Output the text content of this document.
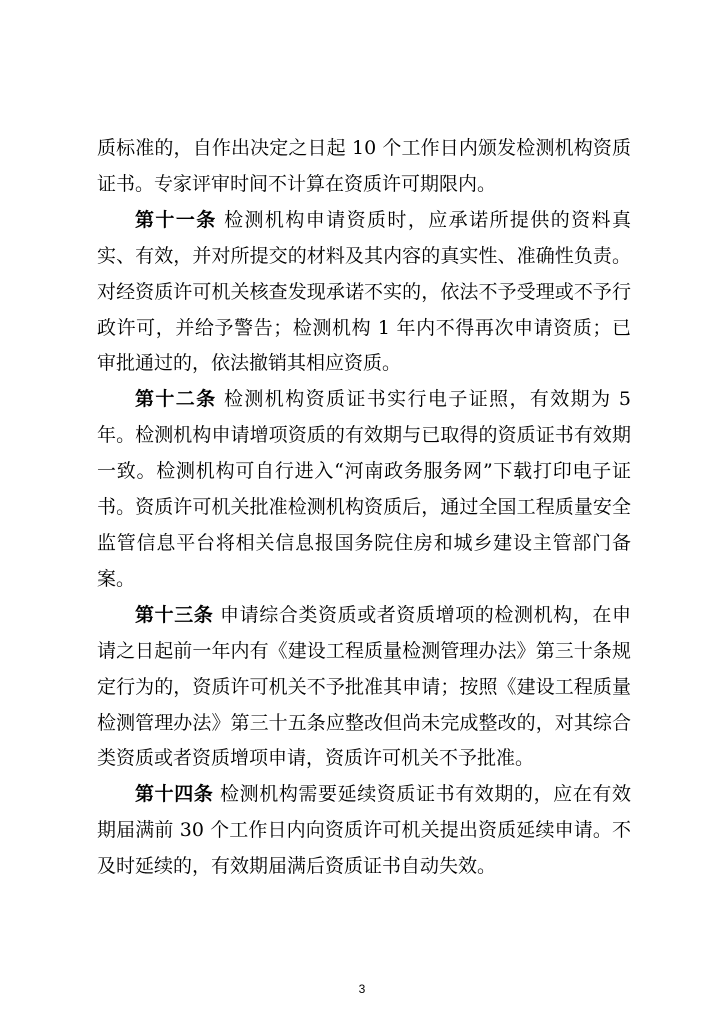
质标准的，自作出决定之日起 10 个工作日内颁发检测机构资质证书。专家评审时间不计算在资质许可期限内。

第十一条 检测机构申请资质时，应承诺所提供的资料真实、有效，并对所提交的材料及其内容的真实性、准确性负责。对经资质许可机关核查发现承诺不实的，依法不予受理或不予行政许可，并给予警告；检测机构 1 年内不得再次申请资质；已审批通过的，依法撤销其相应资质。

第十二条 检测机构资质证书实行电子证照，有效期为 5 年。检测机构申请增项资质的有效期与已取得的资质证书有效期一致。检测机构可自行进入“河南政务服务网”下载打印电子证书。资质许可机关批准检测机构资质后，通过全国工程质量安全监管信息平台将相关信息报国务院住房和城乡建设主管部门备案。

第十三条 申请综合类资质或者资质增项的检测机构，在申请之日起前一年内有《建设工程质量检测管理办法》第三十条规定行为的，资质许可机关不予批准其申请；按照《建设工程质量检测管理办法》第三十五条应整改但尚未完成整改的，对其综合类资质或者资质增项申请，资质许可机关不予批准。

第十四条 检测机构需要延续资质证书有效期的，应在有效期届满前 30 个工作日内向资质许可机关提出资质延续申请。不及时延续的，有效期届满后资质证书自动失效。

3
